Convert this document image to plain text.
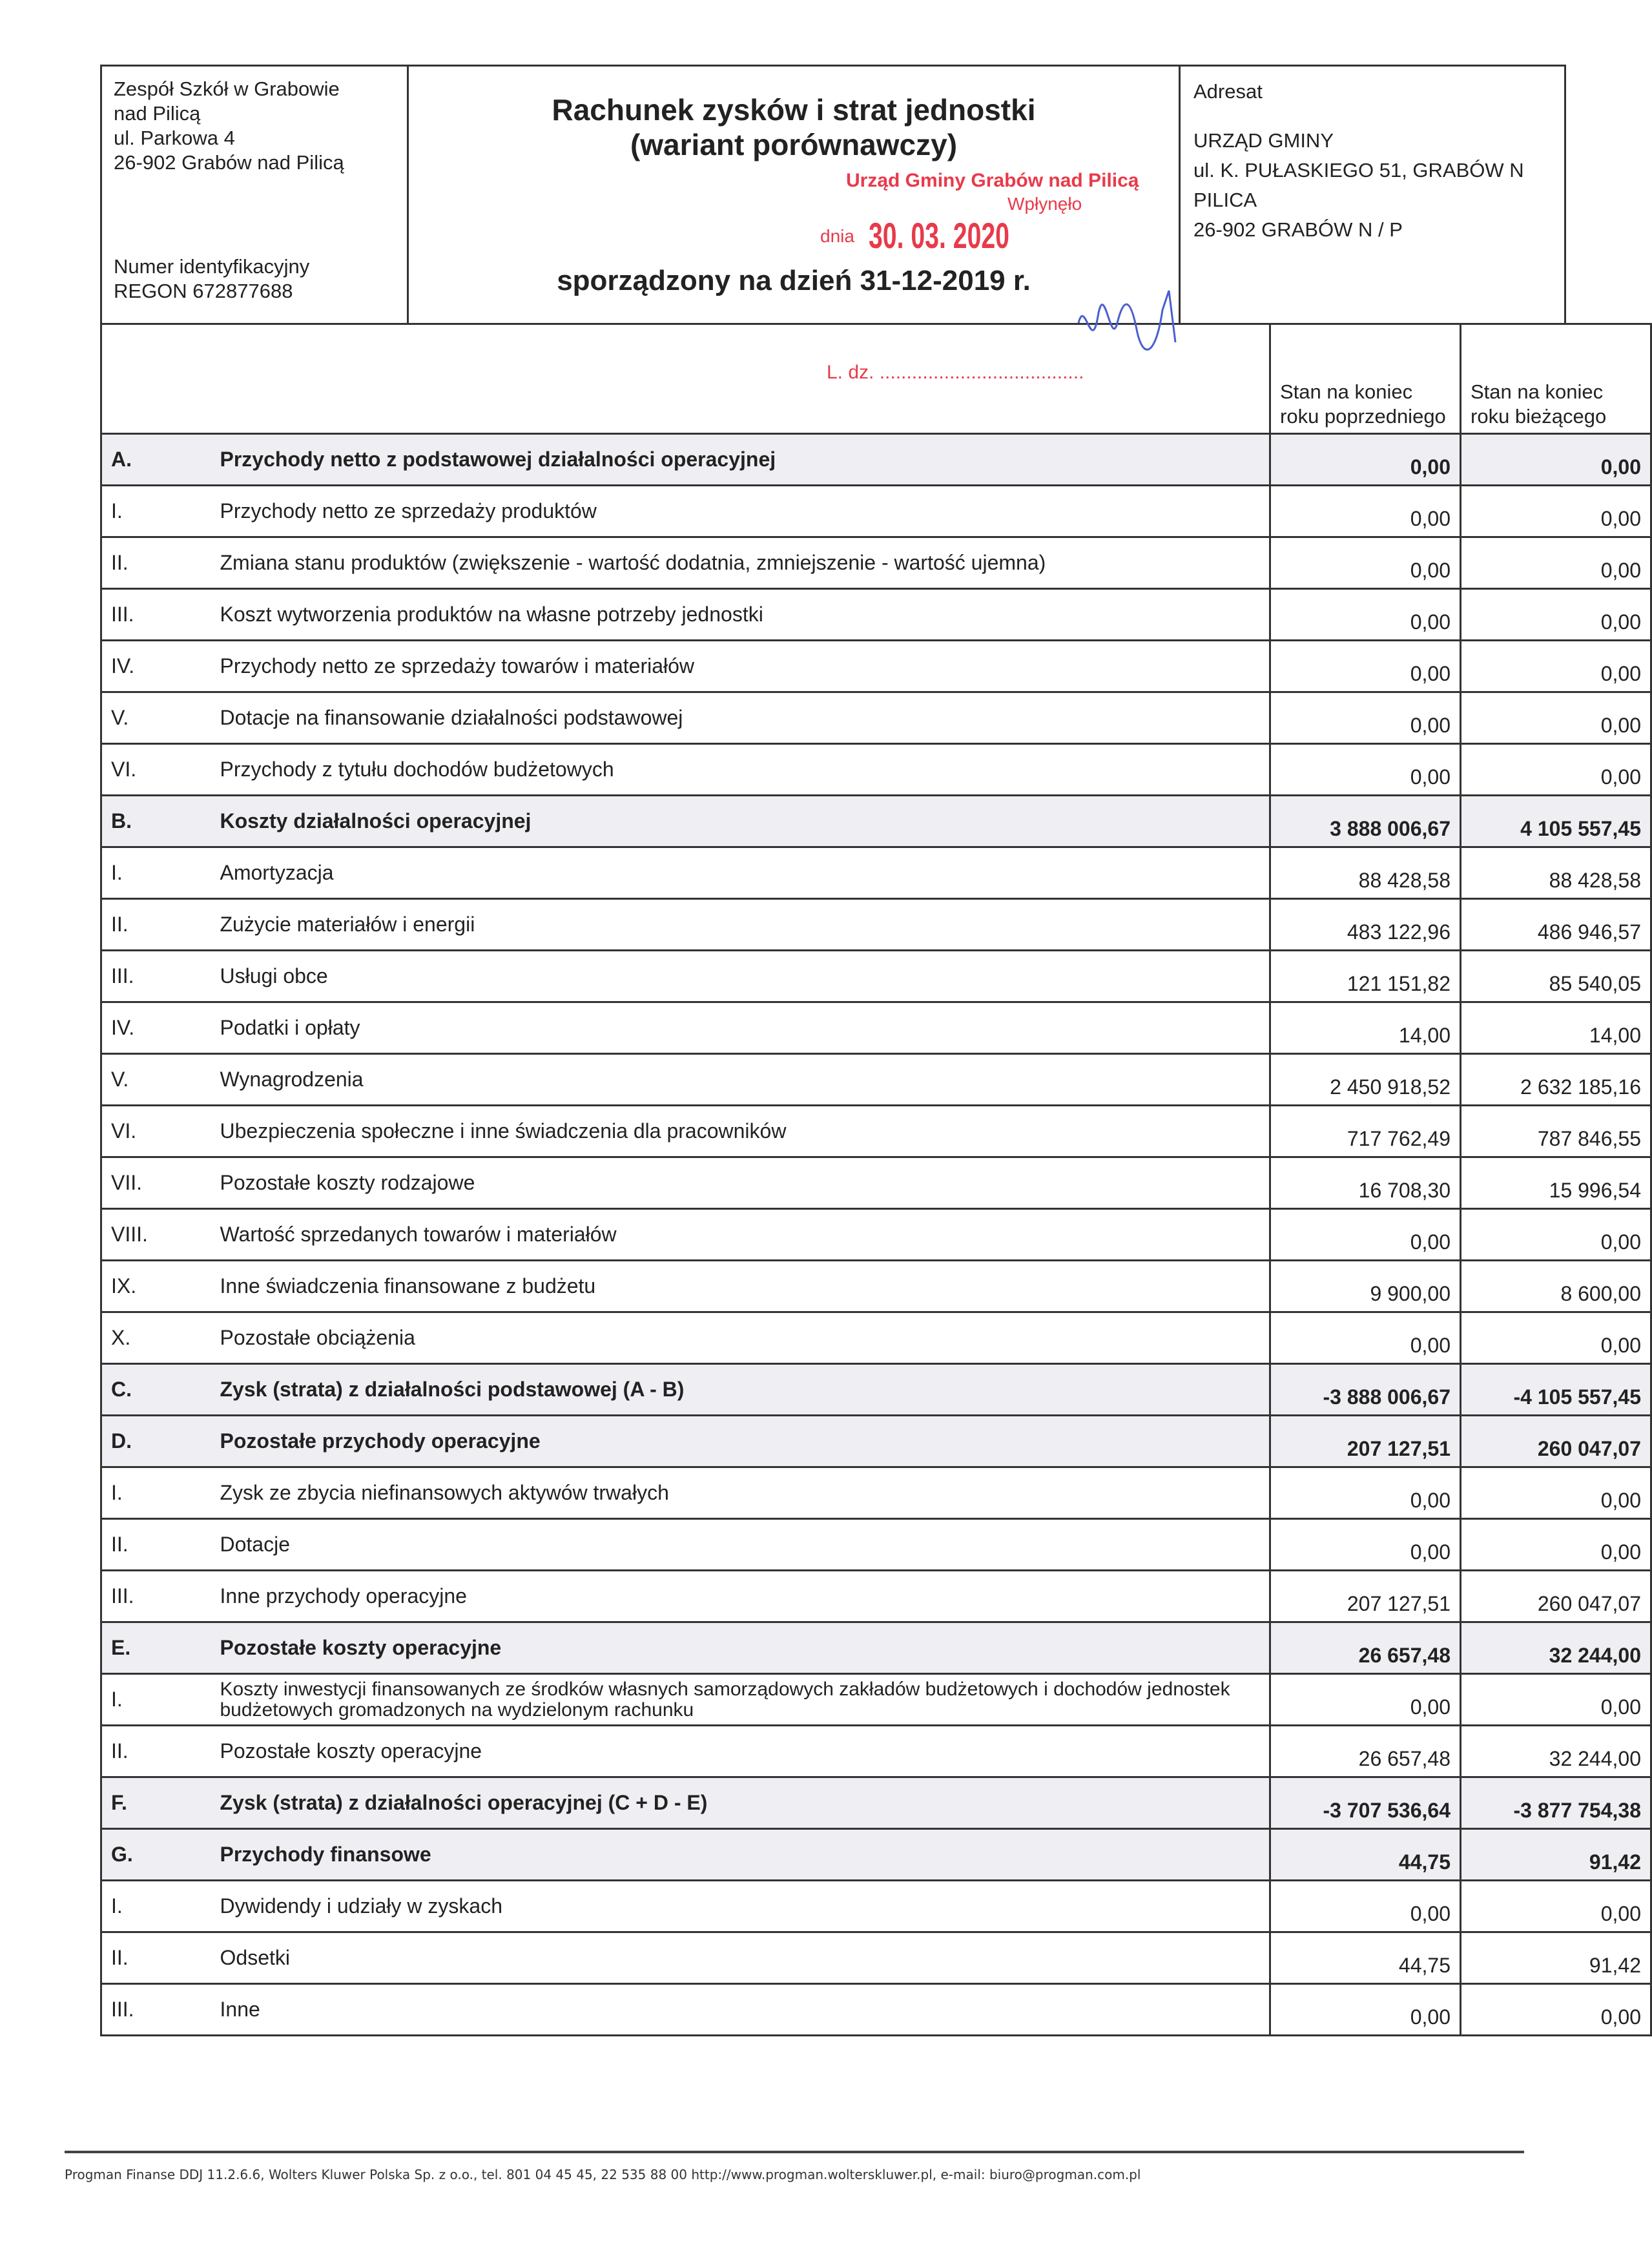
Zespół Szkół w Grabowie
nad Pilicą
ul. Parkowa 4
26-902 Grabów nad Pilicą
Numer identyfikacyjny
REGON 672877688
Rachunek zysków i strat jednostki
(wariant porównawczy)
sporządzony na dzień 31-12-2019 r.
Adresat
URZĄD GMINY
ul. K. PUŁASKIEGO 51, GRABÓW N
PILICA
26-902 GRABÓW N / P
		Stan na koniec roku poprzedniego	Stan na koniec roku bieżącego
A.	Przychody netto z podstawowej działalności operacyjnej	0,00	0,00
I.	Przychody netto ze sprzedaży produktów	0,00	0,00
II.	Zmiana stanu produktów (zwiększenie - wartość dodatnia, zmniejszenie - wartość ujemna)	0,00	0,00
III.	Koszt wytworzenia produktów na własne potrzeby jednostki	0,00	0,00
IV.	Przychody netto ze sprzedaży towarów i materiałów	0,00	0,00
V.	Dotacje na finansowanie działalności podstawowej	0,00	0,00
VI.	Przychody z tytułu dochodów budżetowych	0,00	0,00
B.	Koszty działalności operacyjnej	3 888 006,67	4 105 557,45
I.	Amortyzacja	88 428,58	88 428,58
II.	Zużycie materiałów i energii	483 122,96	486 946,57
III.	Usługi obce	121 151,82	85 540,05
IV.	Podatki i opłaty	14,00	14,00
V.	Wynagrodzenia	2 450 918,52	2 632 185,16
VI.	Ubezpieczenia społeczne i inne świadczenia dla pracowników	717 762,49	787 846,55
VII.	Pozostałe koszty rodzajowe	16 708,30	15 996,54
VIII.	Wartość sprzedanych towarów i materiałów	0,00	0,00
IX.	Inne świadczenia finansowane z budżetu	9 900,00	8 600,00
X.	Pozostałe obciążenia	0,00	0,00
C.	Zysk (strata) z działalności podstawowej (A - B)	-3 888 006,67	-4 105 557,45
D.	Pozostałe przychody operacyjne	207 127,51	260 047,07
I.	Zysk ze zbycia niefinansowych aktywów trwałych	0,00	0,00
II.	Dotacje	0,00	0,00
III.	Inne przychody operacyjne	207 127,51	260 047,07
E.	Pozostałe koszty operacyjne	26 657,48	32 244,00
I.	Koszty inwestycji finansowanych ze środków własnych samorządowych zakładów budżetowych i dochodów jednostek budżetowych gromadzonych na wydzielonym rachunku	0,00	0,00
II.	Pozostałe koszty operacyjne	26 657,48	32 244,00
F.	Zysk (strata) z działalności operacyjnej (C + D - E)	-3 707 536,64	-3 877 754,38
G.	Przychody finansowe	44,75	91,42
I.	Dywidendy i udziały w zyskach	0,00	0,00
II.	Odsetki	44,75	91,42
III.	Inne	0,00	0,00
Urząd Gminy Grabów nad Pilicą
Wpłynęło
dnia 30. 03. 2020
L. dz. ......................................
Progman Finanse DDJ 11.2.6.6, Wolters Kluwer Polska Sp. z o.o., tel. 801 04 45 45, 22 535 88 00 http://www.progman.wolterskluwer.pl, e-mail: biuro@progman.com.pl
